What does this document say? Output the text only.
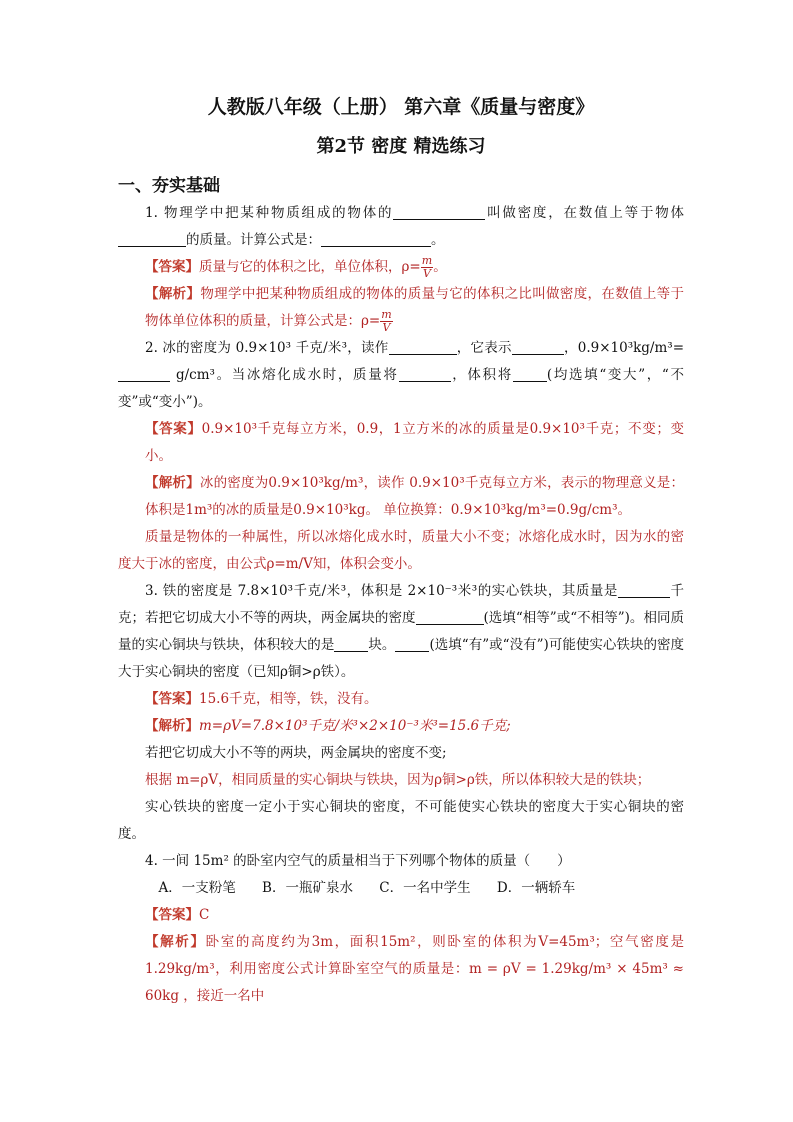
人教版八年级（上册） 第六章《质量与密度》
第2节 密度 精选练习
一、夯实基础

1. 物理学中把某种物质组成的物体的	叫做密度，在数值上等于物体的质量。计算公式是：	。

【答案】质量与它的体积之比，单位体积，$\rho= \frac{m}{V}$ 。

【解析】物理学中把某种物质组成的物体的质量与它的体积之比叫做密度，在数值上等于物体单位体积的质量，计算公式是：$\rho= \frac{m}{V}$

2. 冰的密度为 0.9×10³ 千克/米³，读作	，它表示	，0.9×10³kg/m³= g/cm³。当冰熔化成水时，质量将	，体积将	(均选填“变大”，“不变”或“变小”)。

【答案】0.9×10³千克每立方米，0.9，1立方米的冰的质量是0.9×10³千克；不变；变小。

【解析】冰的密度为0.9×10³kg/m³，读作 0.9×10³千克每立方米，表示的物理意义是：体积是1m³的冰的质量是0.9×10³kg。 单位换算：0.9×10³kg/m³=0.9g/cm³。

质量是物体的一种属性，所以冰熔化成水时，质量大小不变；冰熔化成水时，因为水的密度大于冰的密度，由公式ρ=m/V知，体积会变小。

3. 铁的密度是 7.8×10³千克/米³，体积是 2×10⁻³米³的实心铁块，其质量是	千克；若把它切成大小不等的两块，两金属块的密度	(选填“相等”或“不相等”)。相同质量的实心铜块与铁块，体积较大的是	块。	(选填“有”或“没有”)可能使实心铁块的密度大于实心铜块的密度（已知ρ铜>ρ铁）。

【答案】15.6千克，相等，铁，没有。

【解析】m=ρV=7.8×10³千克/米³×2×10⁻³米³=15.6千克;

若把它切成大小不等的两块，两金属块的密度不变;

根据 m=ρV，相同质量的实心铜块与铁块，因为ρ铜>ρ铁，所以体积较大是的铁块；

实心铁块的密度一定小于实心铜块的密度，不可能使实心铁块的密度大于实心铜块的密度。

4. 一间 15m² 的卧室内空气的质量相当于下列哪个物体的质量（　　）

A．一支粉笔 B．一瓶矿泉水 C．一名中学生 D．一辆轿车

【答案】C

【解析】卧室的高度约为3m，面积15m²，则卧室的体积为V=45m³；空气密度是1.29kg/m³，利用密度公式计算卧室空气的质量是：m = ρV = 1.29kg/m³ × 45m³ ≈ 60kg ，接近一名中
